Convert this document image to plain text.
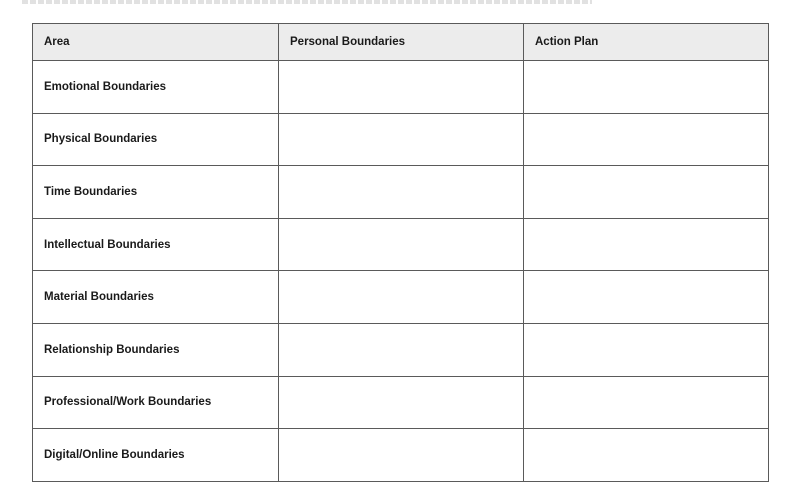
Area	Personal Boundaries	Action Plan
Emotional Boundaries		
Physical Boundaries		
Time Boundaries		
Intellectual Boundaries		
Material Boundaries		
Relationship Boundaries		
Professional/Work Boundaries		
Digital/Online Boundaries		
